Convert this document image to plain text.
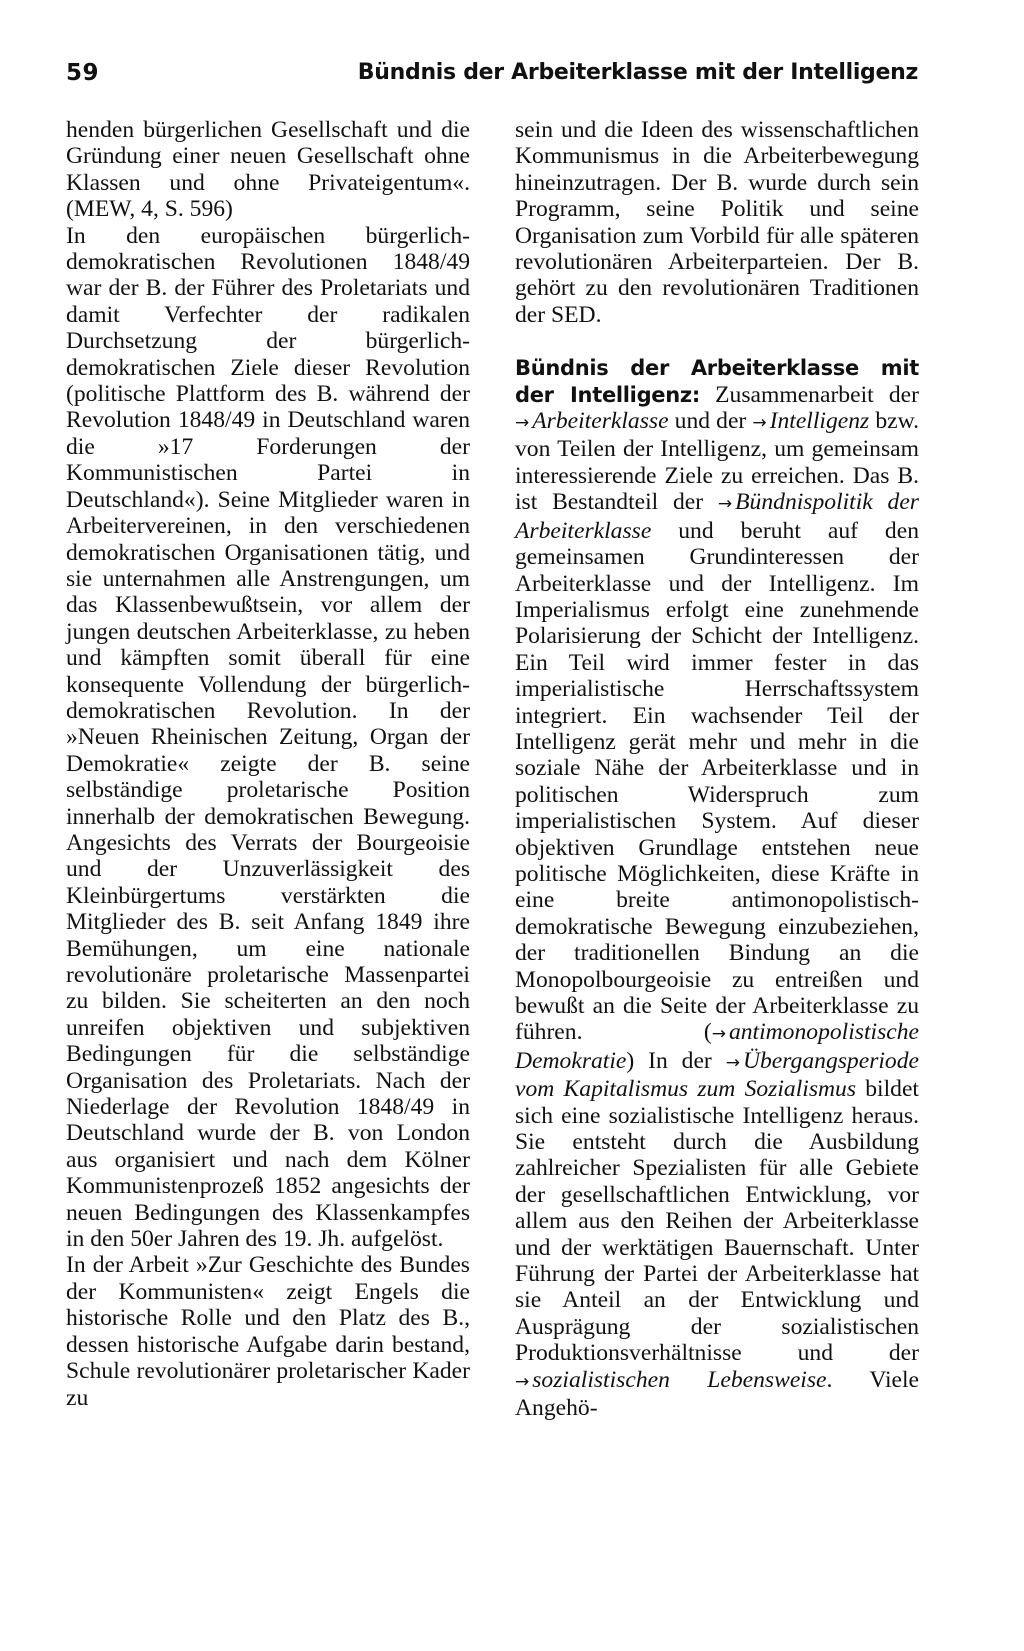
59	Bündnis der Arbeiterklasse mit der Intelligenz

henden bürgerlichen Gesellschaft und die Gründung einer neuen Gesellschaft ohne Klassen und ohne Privateigentum«. (MEW, 4, S. 596)

In den europäischen bürgerlich-demokratischen Revolutionen 1848/49 war der B. der Führer des Proletariats und damit Verfechter der radikalen Durchsetzung der bürgerlich-demokratischen Ziele dieser Revolution (politische Plattform des B. während der Revolution 1848/49 in Deutschland waren die »17 Forderungen der Kommunistischen Partei in Deutschland«). Seine Mitglieder waren in Arbeitervereinen, in den verschiedenen demokratischen Organisationen tätig, und sie unternahmen alle Anstrengungen, um das Klassenbewußtsein, vor allem der jungen deutschen Arbeiterklasse, zu heben und kämpften somit überall für eine konsequente Vollendung der bürgerlich-demokratischen Revolution. In der »Neuen Rheinischen Zeitung, Organ der Demokratie« zeigte der B. seine selbständige proletarische Position innerhalb der demokratischen Bewegung. Angesichts des Verrats der Bourgeoisie und der Unzuverlässigkeit des Kleinbürgertums verstärkten die Mitglieder des B. seit Anfang 1849 ihre Bemühungen, um eine nationale revolutionäre proletarische Massenpartei zu bilden. Sie scheiterten an den noch unreifen objektiven und subjektiven Bedingungen für die selbständige Organisation des Proletariats. Nach der Niederlage der Revolution 1848/49 in Deutschland wurde der B. von London aus organisiert und nach dem Kölner Kommunistenprozeß 1852 angesichts der neuen Bedingungen des Klassenkampfes in den 50er Jahren des 19. Jh. aufgelöst.

In der Arbeit »Zur Geschichte des Bundes der Kommunisten« zeigt Engels die historische Rolle und den Platz des B., dessen historische Aufgabe darin bestand, Schule revolutionärer proletarischer Kader zu

sein und die Ideen des wissenschaftlichen Kommunismus in die Arbeiterbewegung hineinzutragen. Der B. wurde durch sein Programm, seine Politik und seine Organisation zum Vorbild für alle späteren revolutionären Arbeiterparteien. Der B. gehört zu den revolutionären Traditionen der SED.

Bündnis der Arbeiterklasse mit der Intelligenz: Zusammenarbeit der → Arbeiterklasse und der → Intelligenz bzw. von Teilen der Intelligenz, um gemeinsam interessierende Ziele zu erreichen. Das B. ist Bestandteil der → Bündnispolitik der Arbeiterklasse und beruht auf den gemeinsamen Grundinteressen der Arbeiterklasse und der Intelligenz. Im Imperialismus erfolgt eine zunehmende Polarisierung der Schicht der Intelligenz. Ein Teil wird immer fester in das imperialistische Herrschaftssystem integriert. Ein wachsender Teil der Intelligenz gerät mehr und mehr in die soziale Nähe der Arbeiterklasse und in politischen Widerspruch zum imperialistischen System. Auf dieser objektiven Grundlage entstehen neue politische Möglichkeiten, diese Kräfte in eine breite antimonopolistisch-demokratische Bewegung einzubeziehen, der traditionellen Bindung an die Monopolbourgeoisie zu entreißen und bewußt an die Seite der Arbeiterklasse zu führen. (→ antimonopolistische Demokratie) In der → Übergangsperiode vom Kapitalismus zum Sozialismus bildet sich eine sozialistische Intelligenz heraus. Sie entsteht durch die Ausbildung zahlreicher Spezialisten für alle Gebiete der gesellschaftlichen Entwicklung, vor allem aus den Reihen der Arbeiterklasse und der werktätigen Bauernschaft. Unter Führung der Partei der Arbeiterklasse hat sie Anteil an der Entwicklung und Ausprägung der sozialistischen Produktionsverhältnisse und der → sozialistischen Lebensweise. Viele Angehö-
